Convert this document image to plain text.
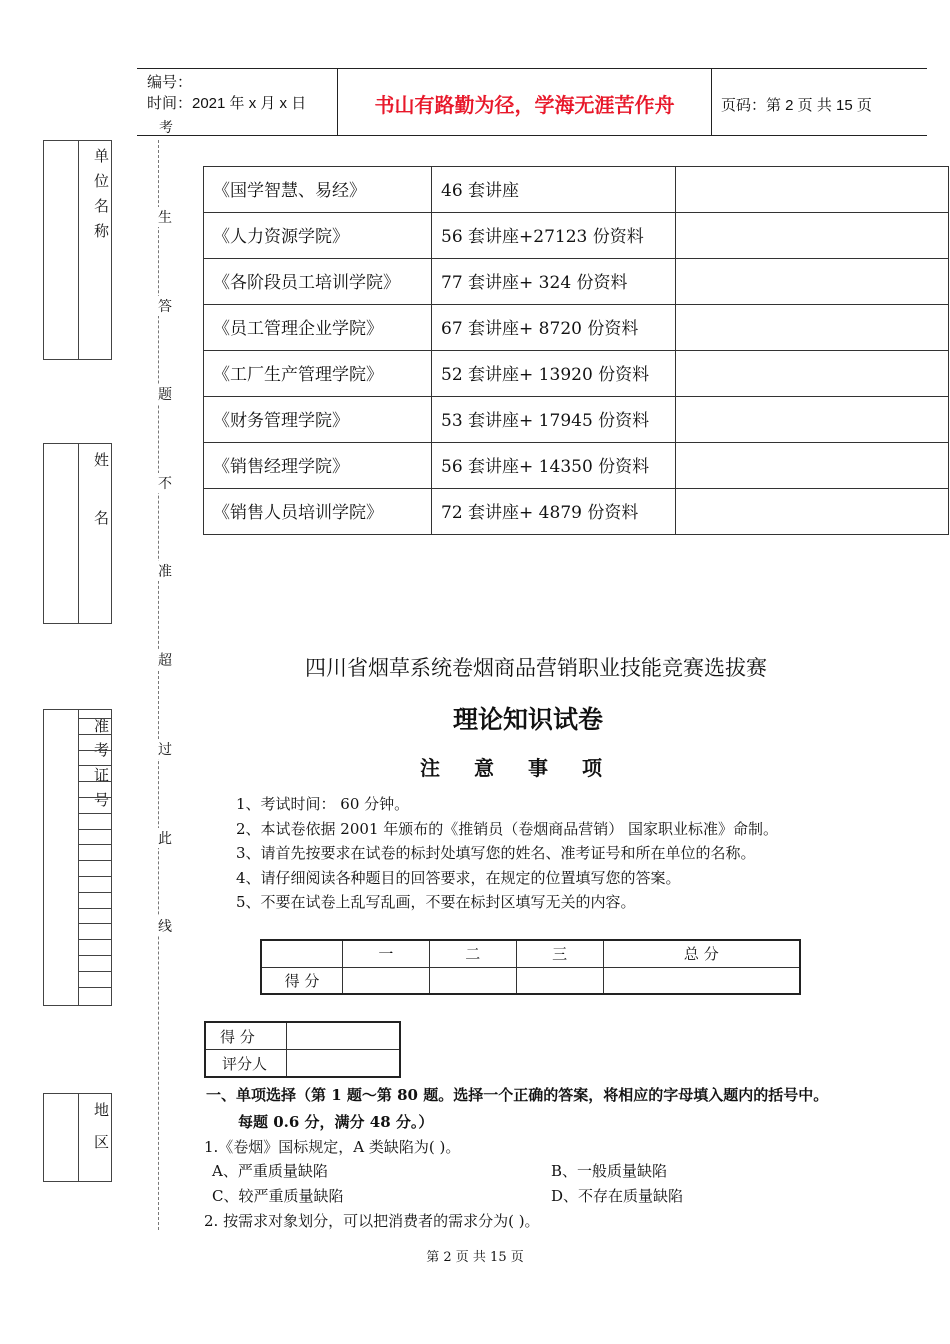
编号：
时间：2021 年 x 月 x 日
考
书山有路勤为径，学海无涯苦作舟	页码：第 2 页 共 15 页
单
位
名
称
姓
名
准
考
证
号
地
区
生
答
题
不
准
超
过
此
线
《国学智慧、易经》	46 套讲座	
《人力资源学院》	56 套讲座+27123 份资料	
《各阶段员工培训学院》	77 套讲座+ 324 份资料	
《员工管理企业学院》	67 套讲座+ 8720 份资料	
《工厂生产管理学院》	52 套讲座+ 13920 份资料	
《财务管理学院》	53 套讲座+ 17945 份资料	
《销售经理学院》	56 套讲座+ 14350 份资料	
《销售人员培训学院》	72 套讲座+ 4879 份资料	
四川省烟草系统卷烟商品营销职业技能竞赛选拔赛
理论知识试卷
注意事项
1、考试时间： 60 分钟。
2、本试卷依据 2001 年颁布的《推销员（卷烟商品营销） 国家职业标准》命制。
3、请首先按要求在试卷的标封处填写您的姓名、准考证号和所在单位的名称。
4、请仔细阅读各种题目的回答要求，在规定的位置填写您的答案。
5、不要在试卷上乱写乱画，不要在标封区填写无关的内容。
	一	二	三	总 分
得 分				
得 分	
评分人	
一、单项选择（第 1 题～第 80 题。选择一个正确的答案，将相应的字母填入题内的括号中。
每题 0.6 分，满分 48 分。）
1.《卷烟》国标规定，A 类缺陷为( )。
A、严重质量缺陷	B、一般质量缺陷
C、较严重质量缺陷	D、不存在质量缺陷
2. 按需求对象划分，可以把消费者的需求分为( )。
第 2 页 共 15 页
